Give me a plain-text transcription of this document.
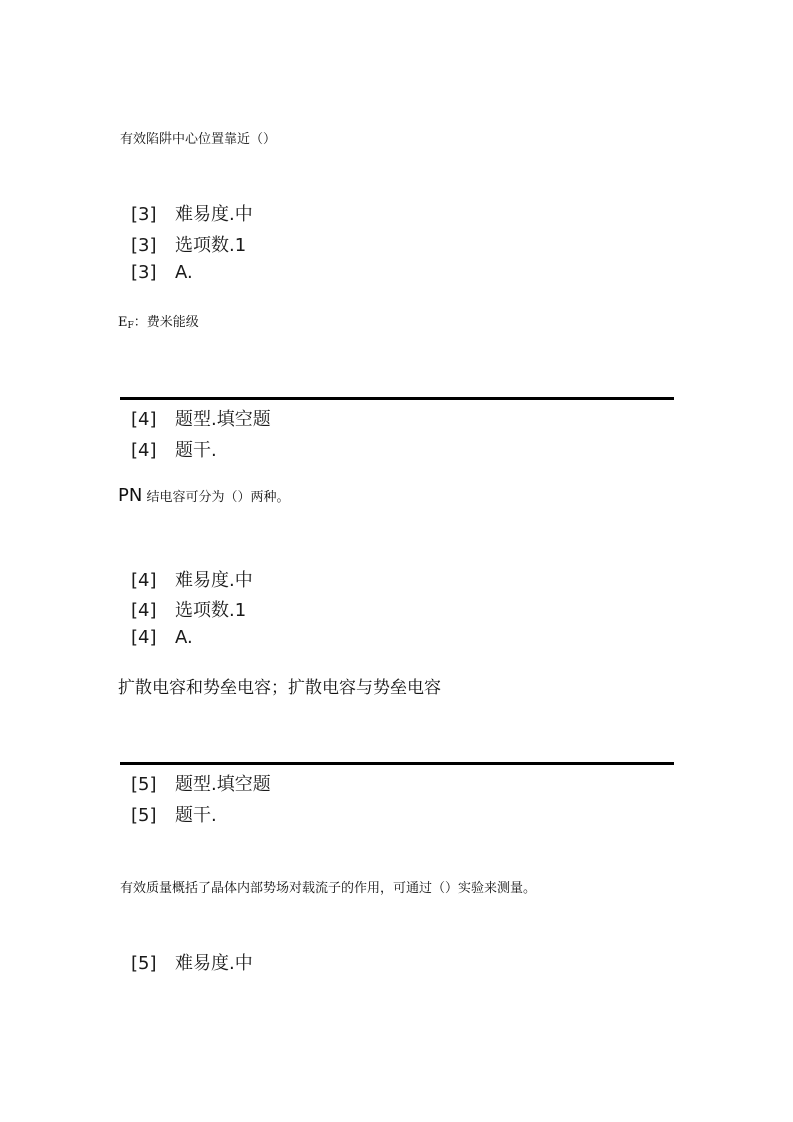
有效陷阱中心位置靠近（）
[3] 难易度.中
[3] 选项数.1
[3] A.
$E_F$：费米能级
[4] 题型.填空题
[4] 题干.
PN 结电容可分为（）两种。
[4] 难易度.中
[4] 选项数.1
[4] A.
扩散电容和势垒电容；扩散电容与势垒电容
[5] 题型.填空题
[5] 题干.
有效质量概括了晶体内部势场对载流子的作用，可通过（）实验来测量。
[5] 难易度.中
